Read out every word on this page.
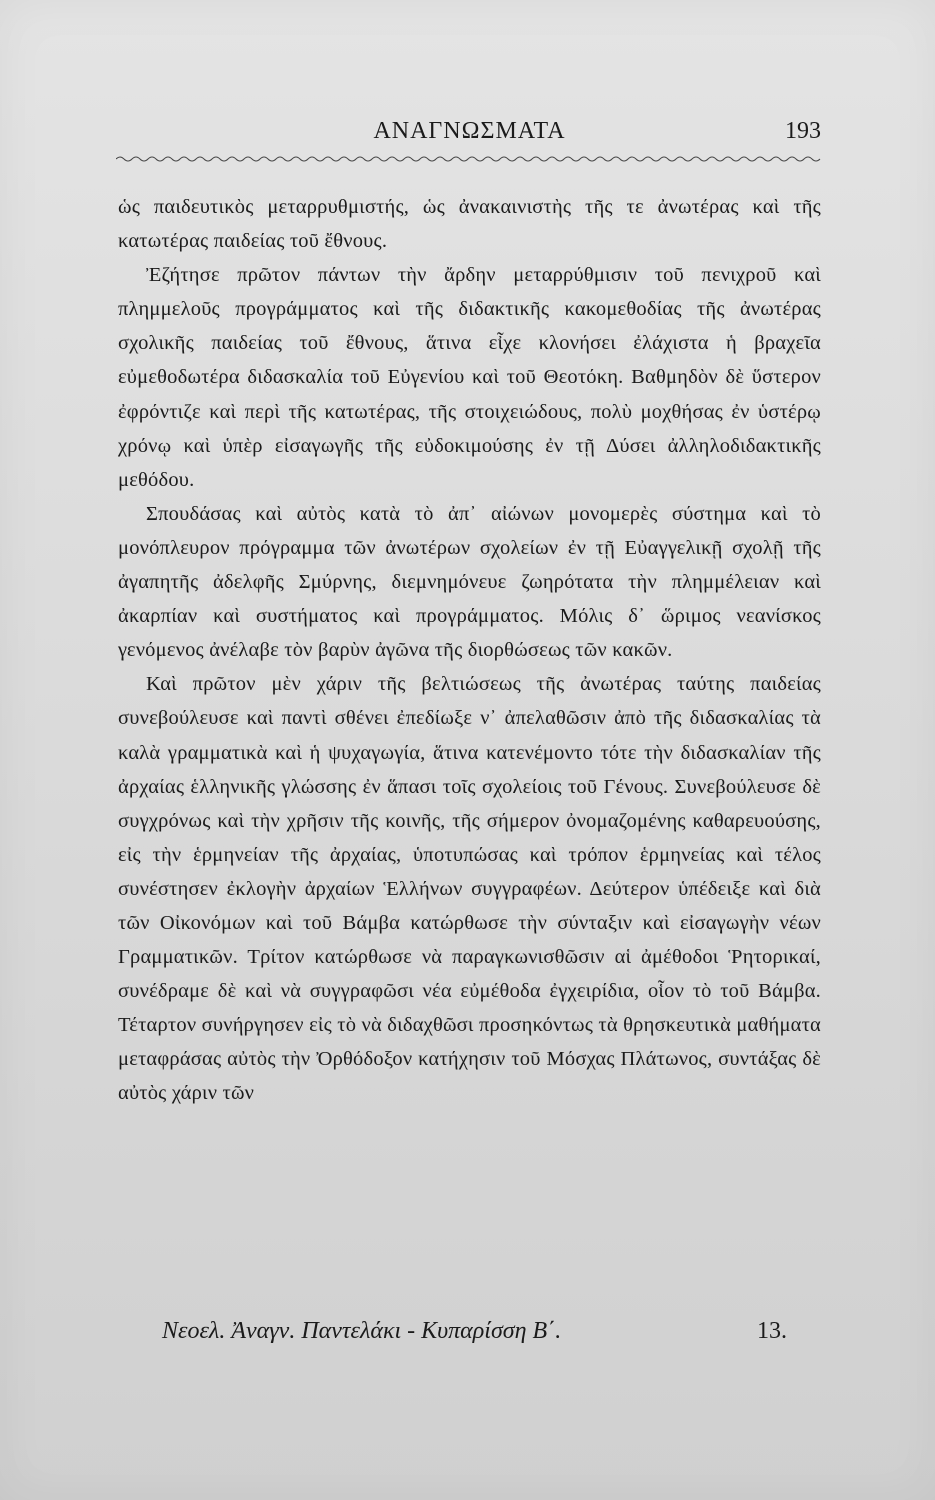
ΑΝΑΓΝΩΣΜΑΤΑ	193

ὡς παιδευτικὸς μεταρρυθμιστής, ὡς ἀνακαινιστὴς τῆς τε ἀνωτέρας καὶ τῆς κατωτέρας παιδείας τοῦ ἔθνους.

Ἐζήτησε πρῶτον πάντων τὴν ἄρδην μεταρρύθμισιν τοῦ πενιχροῦ καὶ πλημμελοῦς προγράμματος καὶ τῆς διδακτικῆς κακομεθοδίας τῆς ἀνωτέρας σχολικῆς παιδείας τοῦ ἔθνους, ἅτινα εἶχε κλονήσει ἐλάχιστα ἡ βραχεῖα εὐμεθοδωτέρα διδασκαλία τοῦ Εὐγενίου καὶ τοῦ Θεοτόκη. Βαθμηδὸν δὲ ὕστερον ἐφρόντιζε καὶ περὶ τῆς κατωτέρας, τῆς στοιχειώδους, πολὺ μοχθήσας ἐν ὑστέρῳ χρόνῳ καὶ ὑπὲρ εἰσαγωγῆς τῆς εὐδοκιμούσης ἐν τῇ Δύσει ἀλληλοδιδακτικῆς μεθόδου.

Σπουδάσας καὶ αὐτὸς κατὰ τὸ ἀπ᾽ αἰώνων μονομερὲς σύστημα καὶ τὸ μονόπλευρον πρόγραμμα τῶν ἀνωτέρων σχολείων ἐν τῇ Εὐαγγελικῇ σχολῇ τῆς ἀγαπητῆς ἀδελφῆς Σμύρνης, διεμνημόνευε ζωηρότατα τὴν πλημμέλειαν καὶ ἀκαρπίαν καὶ συστήματος καὶ προγράμματος. Μόλις δ᾽ ὥριμος νεανίσκος γενόμενος ἀνέλαβε τὸν βαρὺν ἀγῶνα τῆς διορθώσεως τῶν κακῶν.

Καὶ πρῶτον μὲν χάριν τῆς βελτιώσεως τῆς ἀνωτέρας ταύτης παιδείας συνεβούλευσε καὶ παντὶ σθένει ἐπεδίωξε ν᾽ ἀπελαθῶσιν ἀπὸ τῆς διδασκαλίας τὰ καλὰ γραμματικὰ καὶ ἡ ψυχαγωγία, ἅτινα κατενέμοντο τότε τὴν διδασκαλίαν τῆς ἀρχαίας ἑλληνικῆς γλώσσης ἐν ἅπασι τοῖς σχολείοις τοῦ Γένους. Συνεβούλευσε δὲ συγχρόνως καὶ τὴν χρῆσιν τῆς κοινῆς, τῆς σήμερον ὀνομαζομένης καθαρευούσης, εἰς τὴν ἑρμηνείαν τῆς ἀρχαίας, ὑποτυπώσας καὶ τρόπον ἑρμηνείας καὶ τέλος συνέστησεν ἐκλογὴν ἀρχαίων Ἑλλήνων συγγραφέων. Δεύτερον ὑπέδειξε καὶ διὰ τῶν Οἰκονόμων καὶ τοῦ Βάμβα κατώρθωσε τὴν σύνταξιν καὶ εἰσαγωγὴν νέων Γραμματικῶν. Τρίτον κατώρθωσε νὰ παραγκωνισθῶσιν αἱ ἀμέθοδοι Ῥητορικαί, συνέδραμε δὲ καὶ νὰ συγγραφῶσι νέα εὐμέθοδα ἐγχειρίδια, οἷον τὸ τοῦ Βάμβα. Τέταρτον συνήργησεν εἰς τὸ νὰ διδαχθῶσι προσηκόντως τὰ θρησκευτικὰ μαθήματα μεταφράσας αὐτὸς τὴν Ὀρθόδοξον κατήχησιν τοῦ Μόσχας Πλάτωνος, συντάξας δὲ αὐτὸς χάριν τῶν

Νεοελ. Ἀναγν. Παντελάκι - Κυπαρίσση Β΄.	13.
